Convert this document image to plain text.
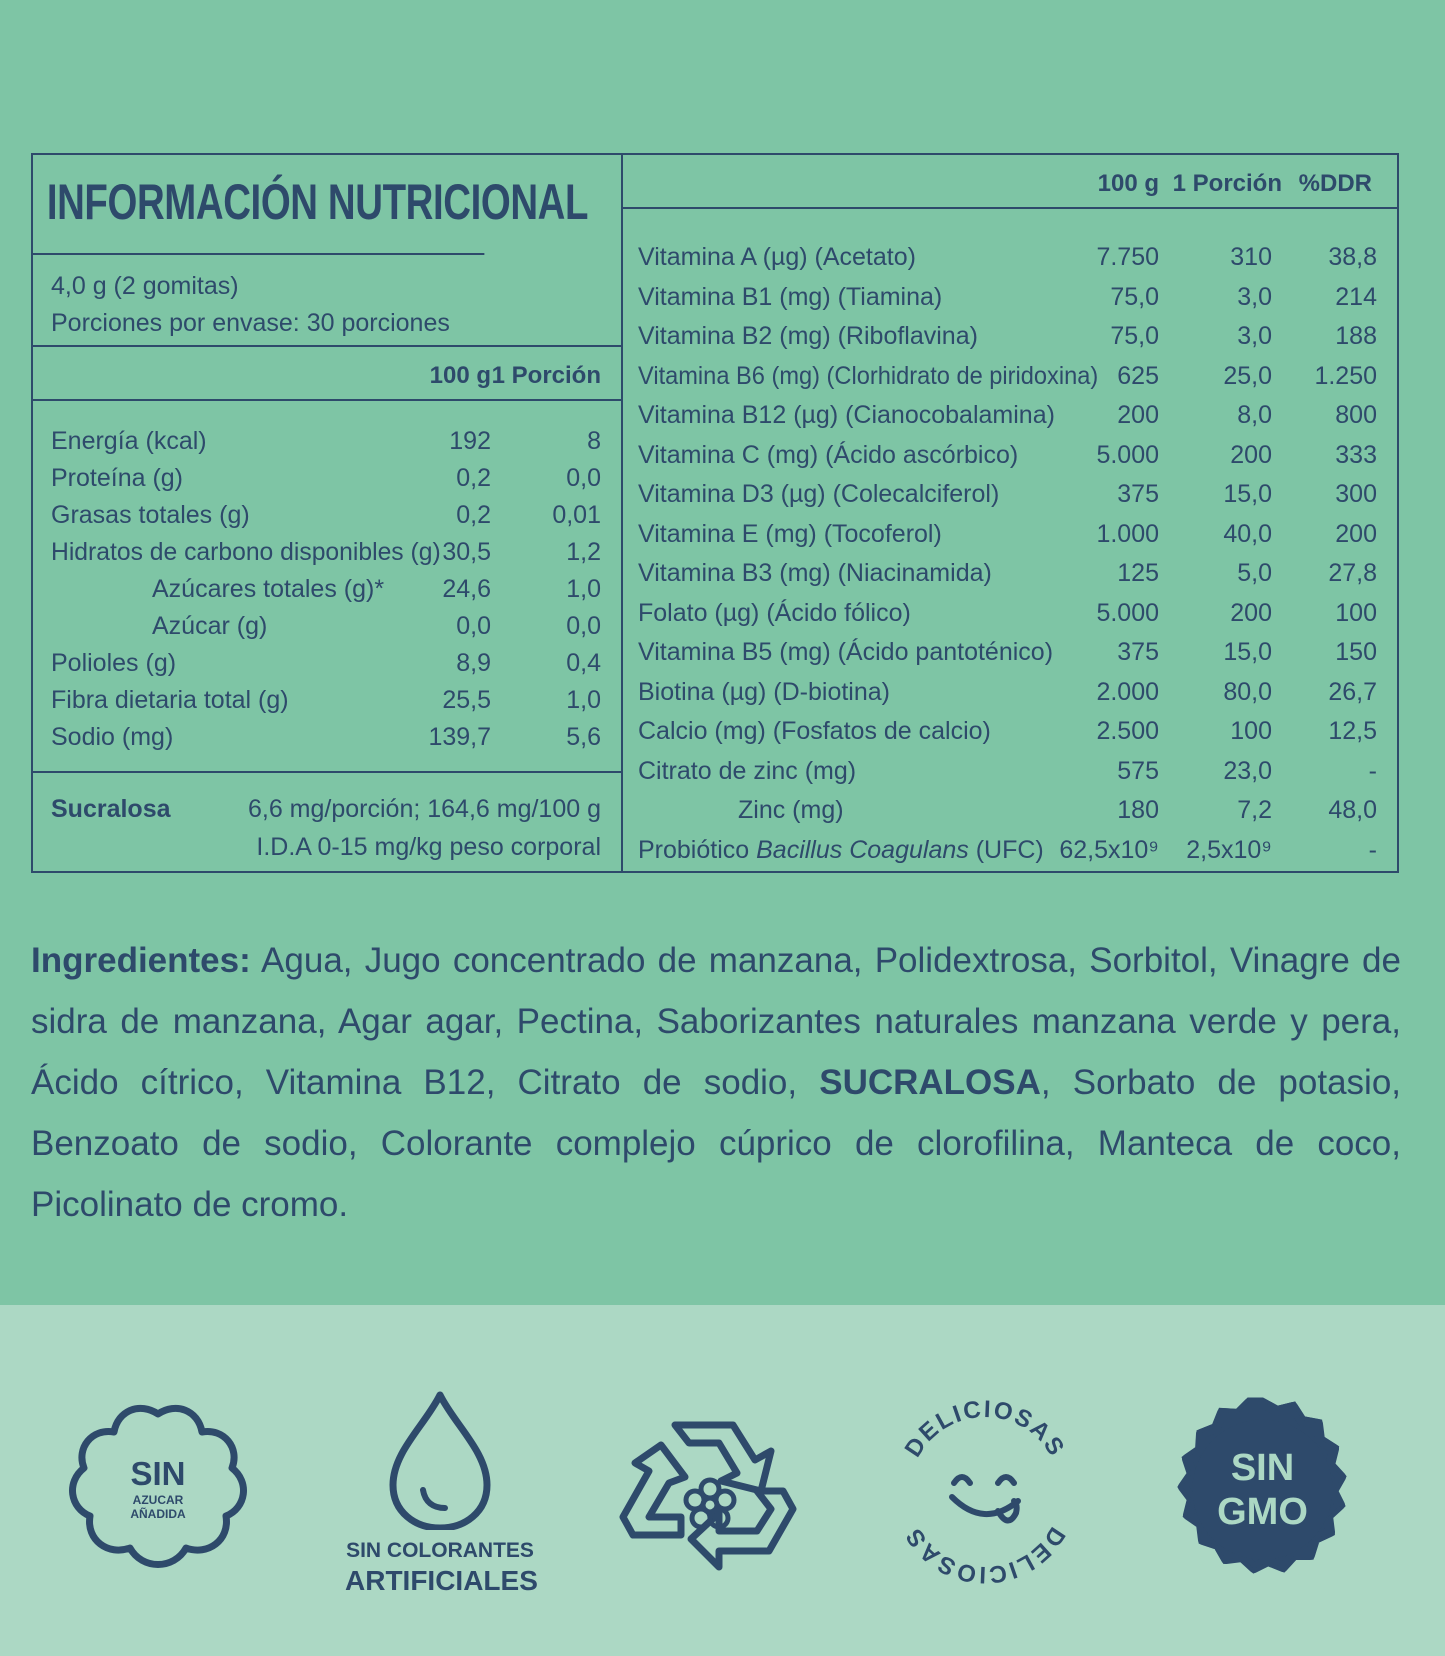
INFORMACIÓN NUTRICIONAL
4,0 g (2 gomitas)
Porciones por envase: 30 porciones
100 g 1 Porción
Energía (kcal)	192	8
Proteína (g)	0,2	0,0
Grasas totales (g)	0,2 0,01
Hidratos de carbono disponibles (g) 30,5	1,2
Azúcares totales (g)* 24,6	1,0
Azúcar (g)	0,0	0,0
Polioles (g)	8,9	0,4
Fibra dietaria total (g)	25,5	1,0
Sodio (mg)	139,7	5,6
Sucralosa	6,6 mg/porción; 164,6 mg/100 g
I.D.A 0-15 mg/kg peso corporal
100 g 1 Porción %DDR
Vitamina A (µg) (Acetato)	7.750	310 38,8
Vitamina B1 (mg) (Tiamina)	75,0	3,0	214
Vitamina B2 (mg) (Riboflavina)	75,0	3,0	188
Vitamina B6 (mg) (Clorhidrato de piridoxina) 625	25,0 1.250
Vitamina B12 (µg) (Cianocobalamina) 200	8,0	800
Vitamina C (mg) (Ácido ascórbico)	5.000	200	333
Vitamina D3 (µg) (Colecalciferol)	375	15,0	300
Vitamina E (mg) (Tocoferol)	1.000	40,0	200
Vitamina B3 (mg) (Niacinamida)	125	5,0 27,8
Folato (µg) (Ácido fólico)	5.000	200	100
Vitamina B5 (mg) (Ácido pantoténico)	375	15,0	150
Biotina (µg) (D-biotina)	2.000	80,0 26,7
Calcio (mg) (Fosfatos de calcio)	2.500	100 12,5
Citrato de zinc (mg)	575	23,0	-
Zinc (mg)	180	7,2 48,0
Probiótico Bacillus Coagulans (UFC) 62,5x10⁹ 2,5x10⁹	-

Ingredientes: Agua, Jugo concentrado de manzana, Polidextrosa, Sorbitol, Vinagre de sidra de manzana, Agar agar, Pectina, Saborizantes naturales manzana verde y pera, Ácido cítrico, Vitamina B12, Citrato de sodio, SUCRALOSA, Sorbato de potasio, Benzoato de sodio, Colorante complejo cúprico de clorofilina, Manteca de coco, Picolinato de cromo.

SIN
AZUCAR
AÑADIDA
SIN COLORANTES
ARTIFICIALES
DELICIOSAS
DELICIOSAS
SIN
GMO
